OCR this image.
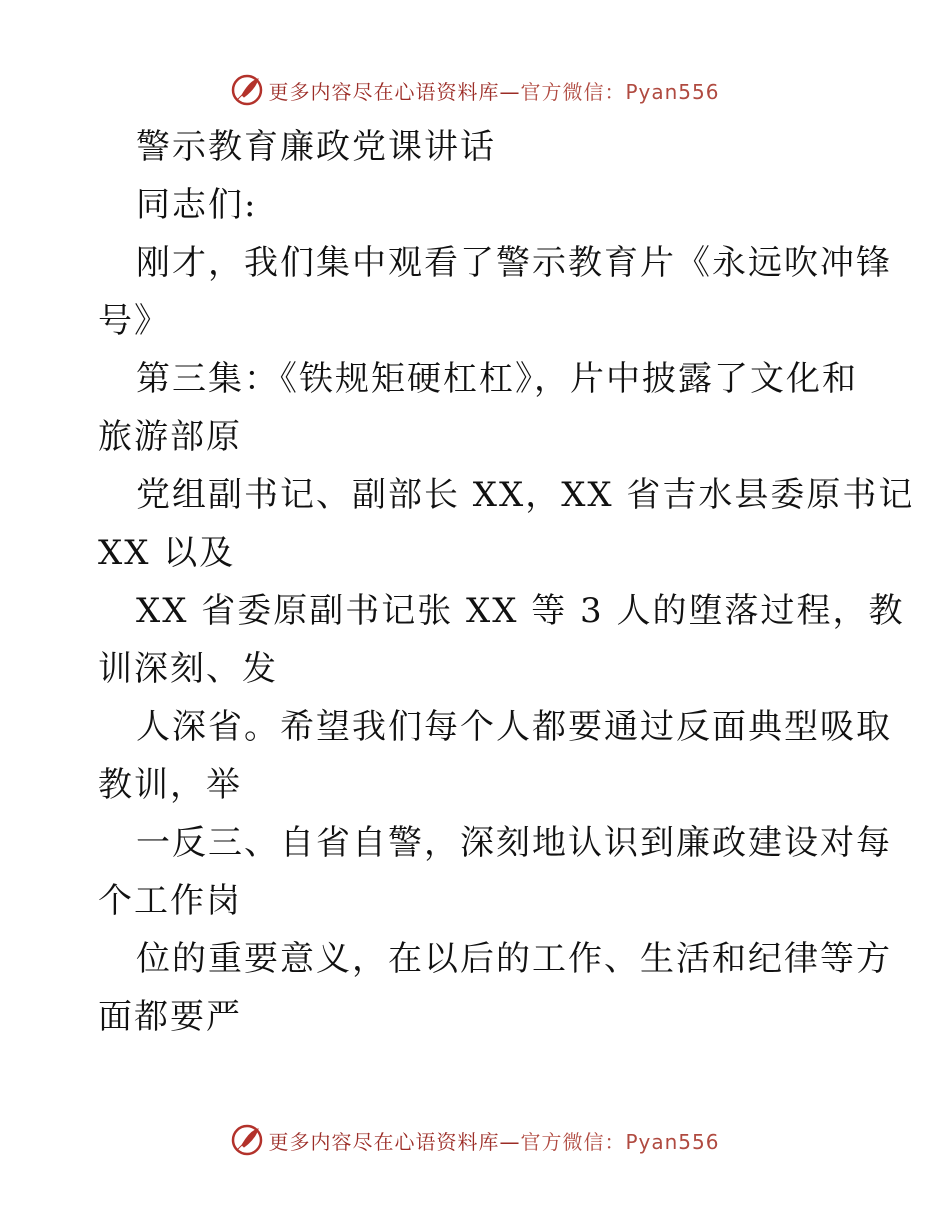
更多内容尽在心语资料库— 官方微信：Pyan556
警示教育廉政党课讲话
同志们:
刚才，我们集中观看了警示教育片《永远吹冲锋
号》
第三集：《铁规矩硬杠杠》，片中披露了文化和
旅游部原
党组副书记、副部长 XX，XX 省吉水县委原书记
XX 以及
XX 省委原副书记张 XX 等 3 人的堕落过程，教
训深刻、发
人深省。希望我们每个人都要通过反面典型吸取
教训，举
一反三、自省自警，深刻地认识到廉政建设对每
个工作岗
位的重要意义，在以后的工作、生活和纪律等方
面都要严
更多内容尽在心语资料库— 官方微信：Pyan556
